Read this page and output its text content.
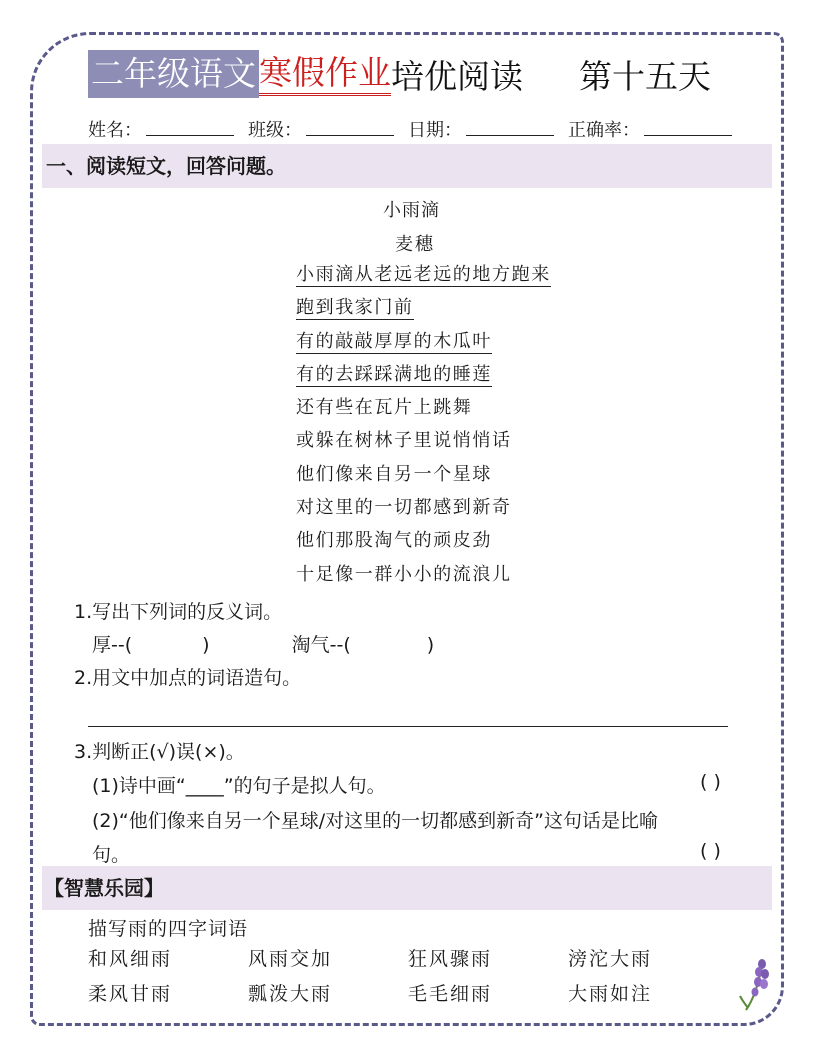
二年级语文 寒假作业 培优阅读 第十五天
姓名：	班级：	日期：	正确率：
一、阅读短文，回答问题。
小雨滴
麦穗
小雨滴从老远老远的地方跑来
跑到我家门前
有的敲敲厚厚的木瓜叶
有的去踩踩满地的睡莲
还有些在瓦片上跳舞
或躲在树林子里说悄悄话
他们像来自另一个星球
对这里的一切都感到新奇
他们那股淘气的顽皮劲
十足像一群小小的流浪儿
1.写出下列词的反义词。
厚--(	)	淘气--(	)
2.用文中加点的词语造句。
3.判断正(√)误(×)。
(1)诗中画“____”的句子是拟人句。	( )
(2)“他们像来自另一个星球/对这里的一切都感到新奇”这句话是比喻
句。	( )
【智慧乐园】
描写雨的四字词语
和风细雨	风雨交加	狂风骤雨	滂沱大雨
柔风甘雨	瓢泼大雨	毛毛细雨	大雨如注
